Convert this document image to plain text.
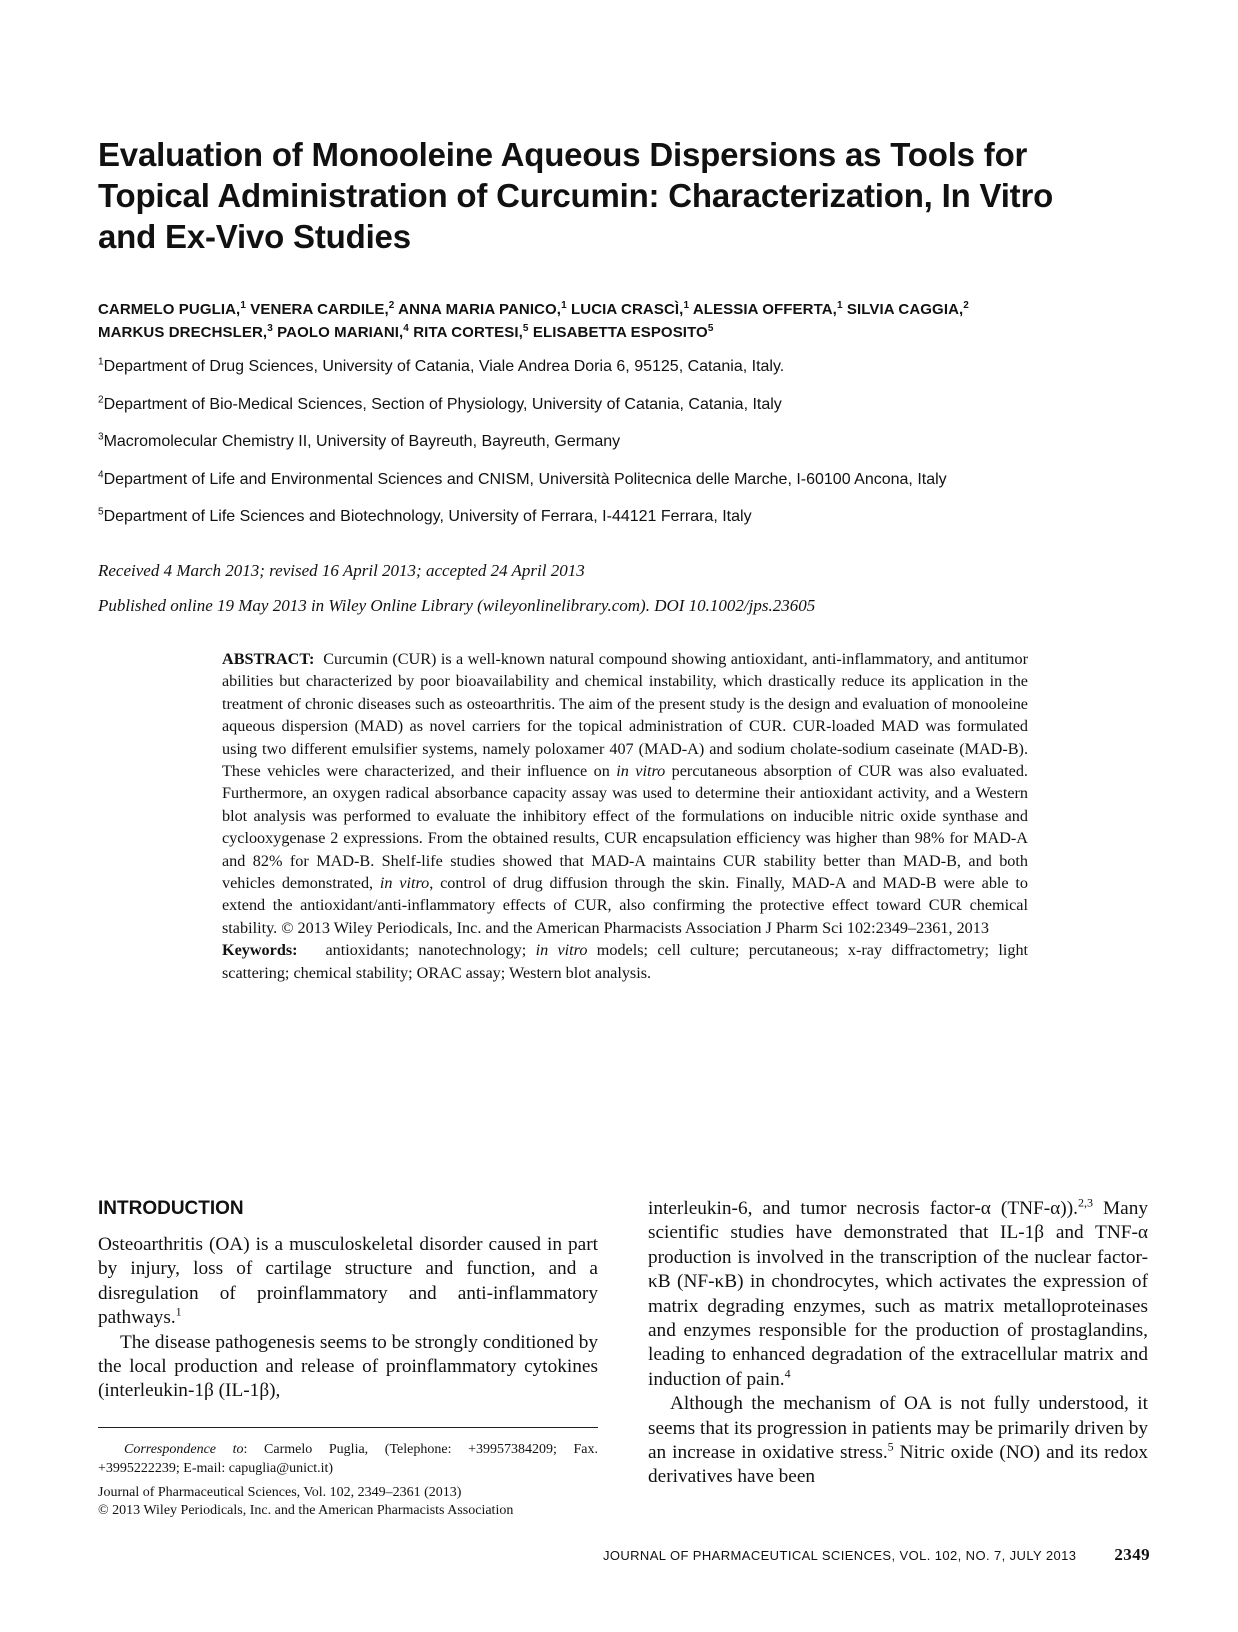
Evaluation of Monooleine Aqueous Dispersions as Tools for
Topical Administration of Curcumin: Characterization, In Vitro
and Ex-Vivo Studies
CARMELO PUGLIA,$^1$ VENERA CARDILE,$^2$ ANNA MARIA PANICO,$^1$ LUCIA CRASCÌ,$^1$ ALESSIA OFFERTA,$^1$ SILVIA CAGGIA,$^2$
MARKUS DRECHSLER,$^3$ PAOLO MARIANI,$^4$ RITA CORTESI,$^5$ ELISABETTA ESPOSITO$^5$
$^1$Department of Drug Sciences, University of Catania, Viale Andrea Doria 6, 95125, Catania, Italy.
$^2$Department of Bio-Medical Sciences, Section of Physiology, University of Catania, Catania, Italy
$^3$Macromolecular Chemistry II, University of Bayreuth, Bayreuth, Germany
$^4$Department of Life and Environmental Sciences and CNISM, Università Politecnica delle Marche, I-60100 Ancona, Italy
$^5$Department of Life Sciences and Biotechnology, University of Ferrara, I-44121 Ferrara, Italy
Received 4 March 2013; revised 16 April 2013; accepted 24 April 2013
Published online 19 May 2013 in Wiley Online Library (wileyonlinelibrary.com). DOI 10.1002/jps.23605
ABSTRACT: Curcumin (CUR) is a well-known natural compound showing antioxidant, anti-inflammatory, and antitumor abilities but characterized by poor bioavailability and chemical instability, which drastically reduce its application in the treatment of chronic diseases such as osteoarthritis. The aim of the present study is the design and evaluation of monooleine aqueous dispersion (MAD) as novel carriers for the topical administration of CUR. CUR-loaded MAD was formulated using two different emulsifier systems, namely poloxamer 407 (MAD-A) and sodium cholate-sodium caseinate (MAD-B). These vehicles were characterized, and their influence on in vitro percutaneous absorption of CUR was also evaluated. Furthermore, an oxygen radical absorbance capacity assay was used to determine their antioxidant activity, and a Western blot analysis was performed to evaluate the inhibitory effect of the formulations on inducible nitric oxide synthase and cyclooxygenase 2 expressions. From the obtained results, CUR encapsulation efficiency was higher than 98% for MAD-A and 82% for MAD-B. Shelf-life studies showed that MAD-A maintains CUR stability better than MAD-B, and both vehicles demonstrated, in vitro, control of drug diffusion through the skin. Finally, MAD-A and MAD-B were able to extend the antioxidant/anti-inflammatory effects of CUR, also confirming the protective effect toward CUR chemical stability. © 2013 Wiley Periodicals, Inc. and the American Pharmacists Association J Pharm Sci 102:2349–2361, 2013
Keywords: antioxidants; nanotechnology; in vitro models; cell culture; percutaneous; x-ray diffractometry; light scattering; chemical stability; ORAC assay; Western blot analysis.
INTRODUCTION

Osteoarthritis (OA) is a musculoskeletal disorder caused in part by injury, loss of cartilage structure and function, and a disregulation of proinflammatory and anti-inflammatory pathways.$^1$

The disease pathogenesis seems to be strongly conditioned by the local production and release of proinflammatory cytokines (interleukin-1β (IL-1β),

interleukin-6, and tumor necrosis factor-α (TNF-α)).$^{2,3}$ Many scientific studies have demonstrated that IL-1β and TNF-α production is involved in the transcription of the nuclear factor-κB (NF-κB) in chondrocytes, which activates the expression of matrix degrading enzymes, such as matrix metalloproteinases and enzymes responsible for the production of prostaglandins, leading to enhanced degradation of the extracellular matrix and induction of pain.$^4$

Although the mechanism of OA is not fully understood, it seems that its progression in patients may be primarily driven by an increase in oxidative stress.$^5$ Nitric oxide (NO) and its redox derivatives have been

Correspondence to: Carmelo Puglia, (Telephone: +39957384209; Fax. +3995222239; E-mail: capuglia@unict.it)
Journal of Pharmaceutical Sciences, Vol. 102, 2349–2361 (2013)
© 2013 Wiley Periodicals, Inc. and the American Pharmacists Association
JOURNAL OF PHARMACEUTICAL SCIENCES, VOL. 102, NO. 7, JULY 2013 2349
